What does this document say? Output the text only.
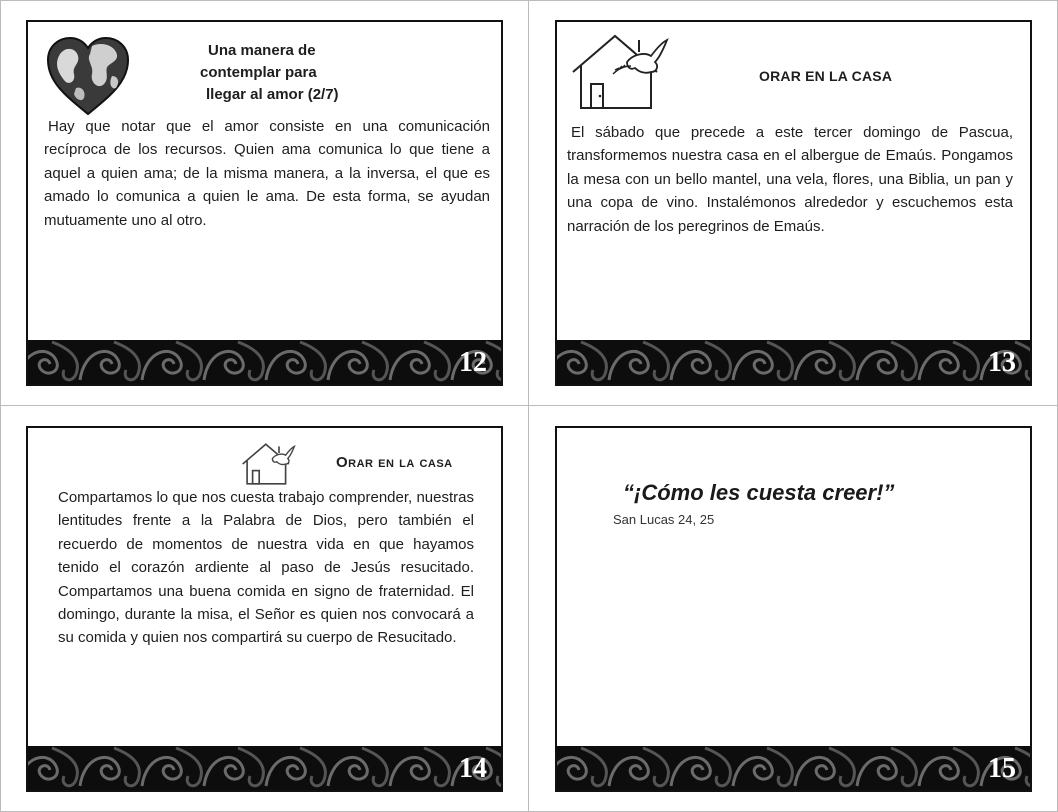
Una manera de
contemplar para
llegar al amor (2/7)
Hay que notar que el amor consiste en una comunicación recíproca de los recursos. Quien ama comunica lo que tiene a aquel a quien ama; de la misma manera, a la inversa, el que es amado lo comunica a quien le ama. De esta forma, se ayudan mutuamente uno al otro.
12
ORAR EN LA CASA
El sábado que precede a este tercer domingo de Pascua, transformemos nuestra casa en el albergue de Emaús. Pongamos la mesa con un bello mantel, una vela, flores, una Biblia, un pan y una copa de vino. Instalémonos alrededor y escuchemos esta narración de los peregrinos de Emaús.
13
Orar en la casa
Compartamos lo que nos cuesta trabajo comprender, nuestras lentitudes frente a la Palabra de Dios, pero también el recuerdo de momentos de nuestra vida en que hayamos tenido el corazón ardiente al paso de Jesús resucitado. Compartamos una buena comida en signo de fraternidad. El domingo, durante la misa, el Señor es quien nos convocará a su comida y quien nos compartirá su cuerpo de Resucitado.
14
“¡Cómo les cuesta creer!”
San Lucas 24, 25
15
